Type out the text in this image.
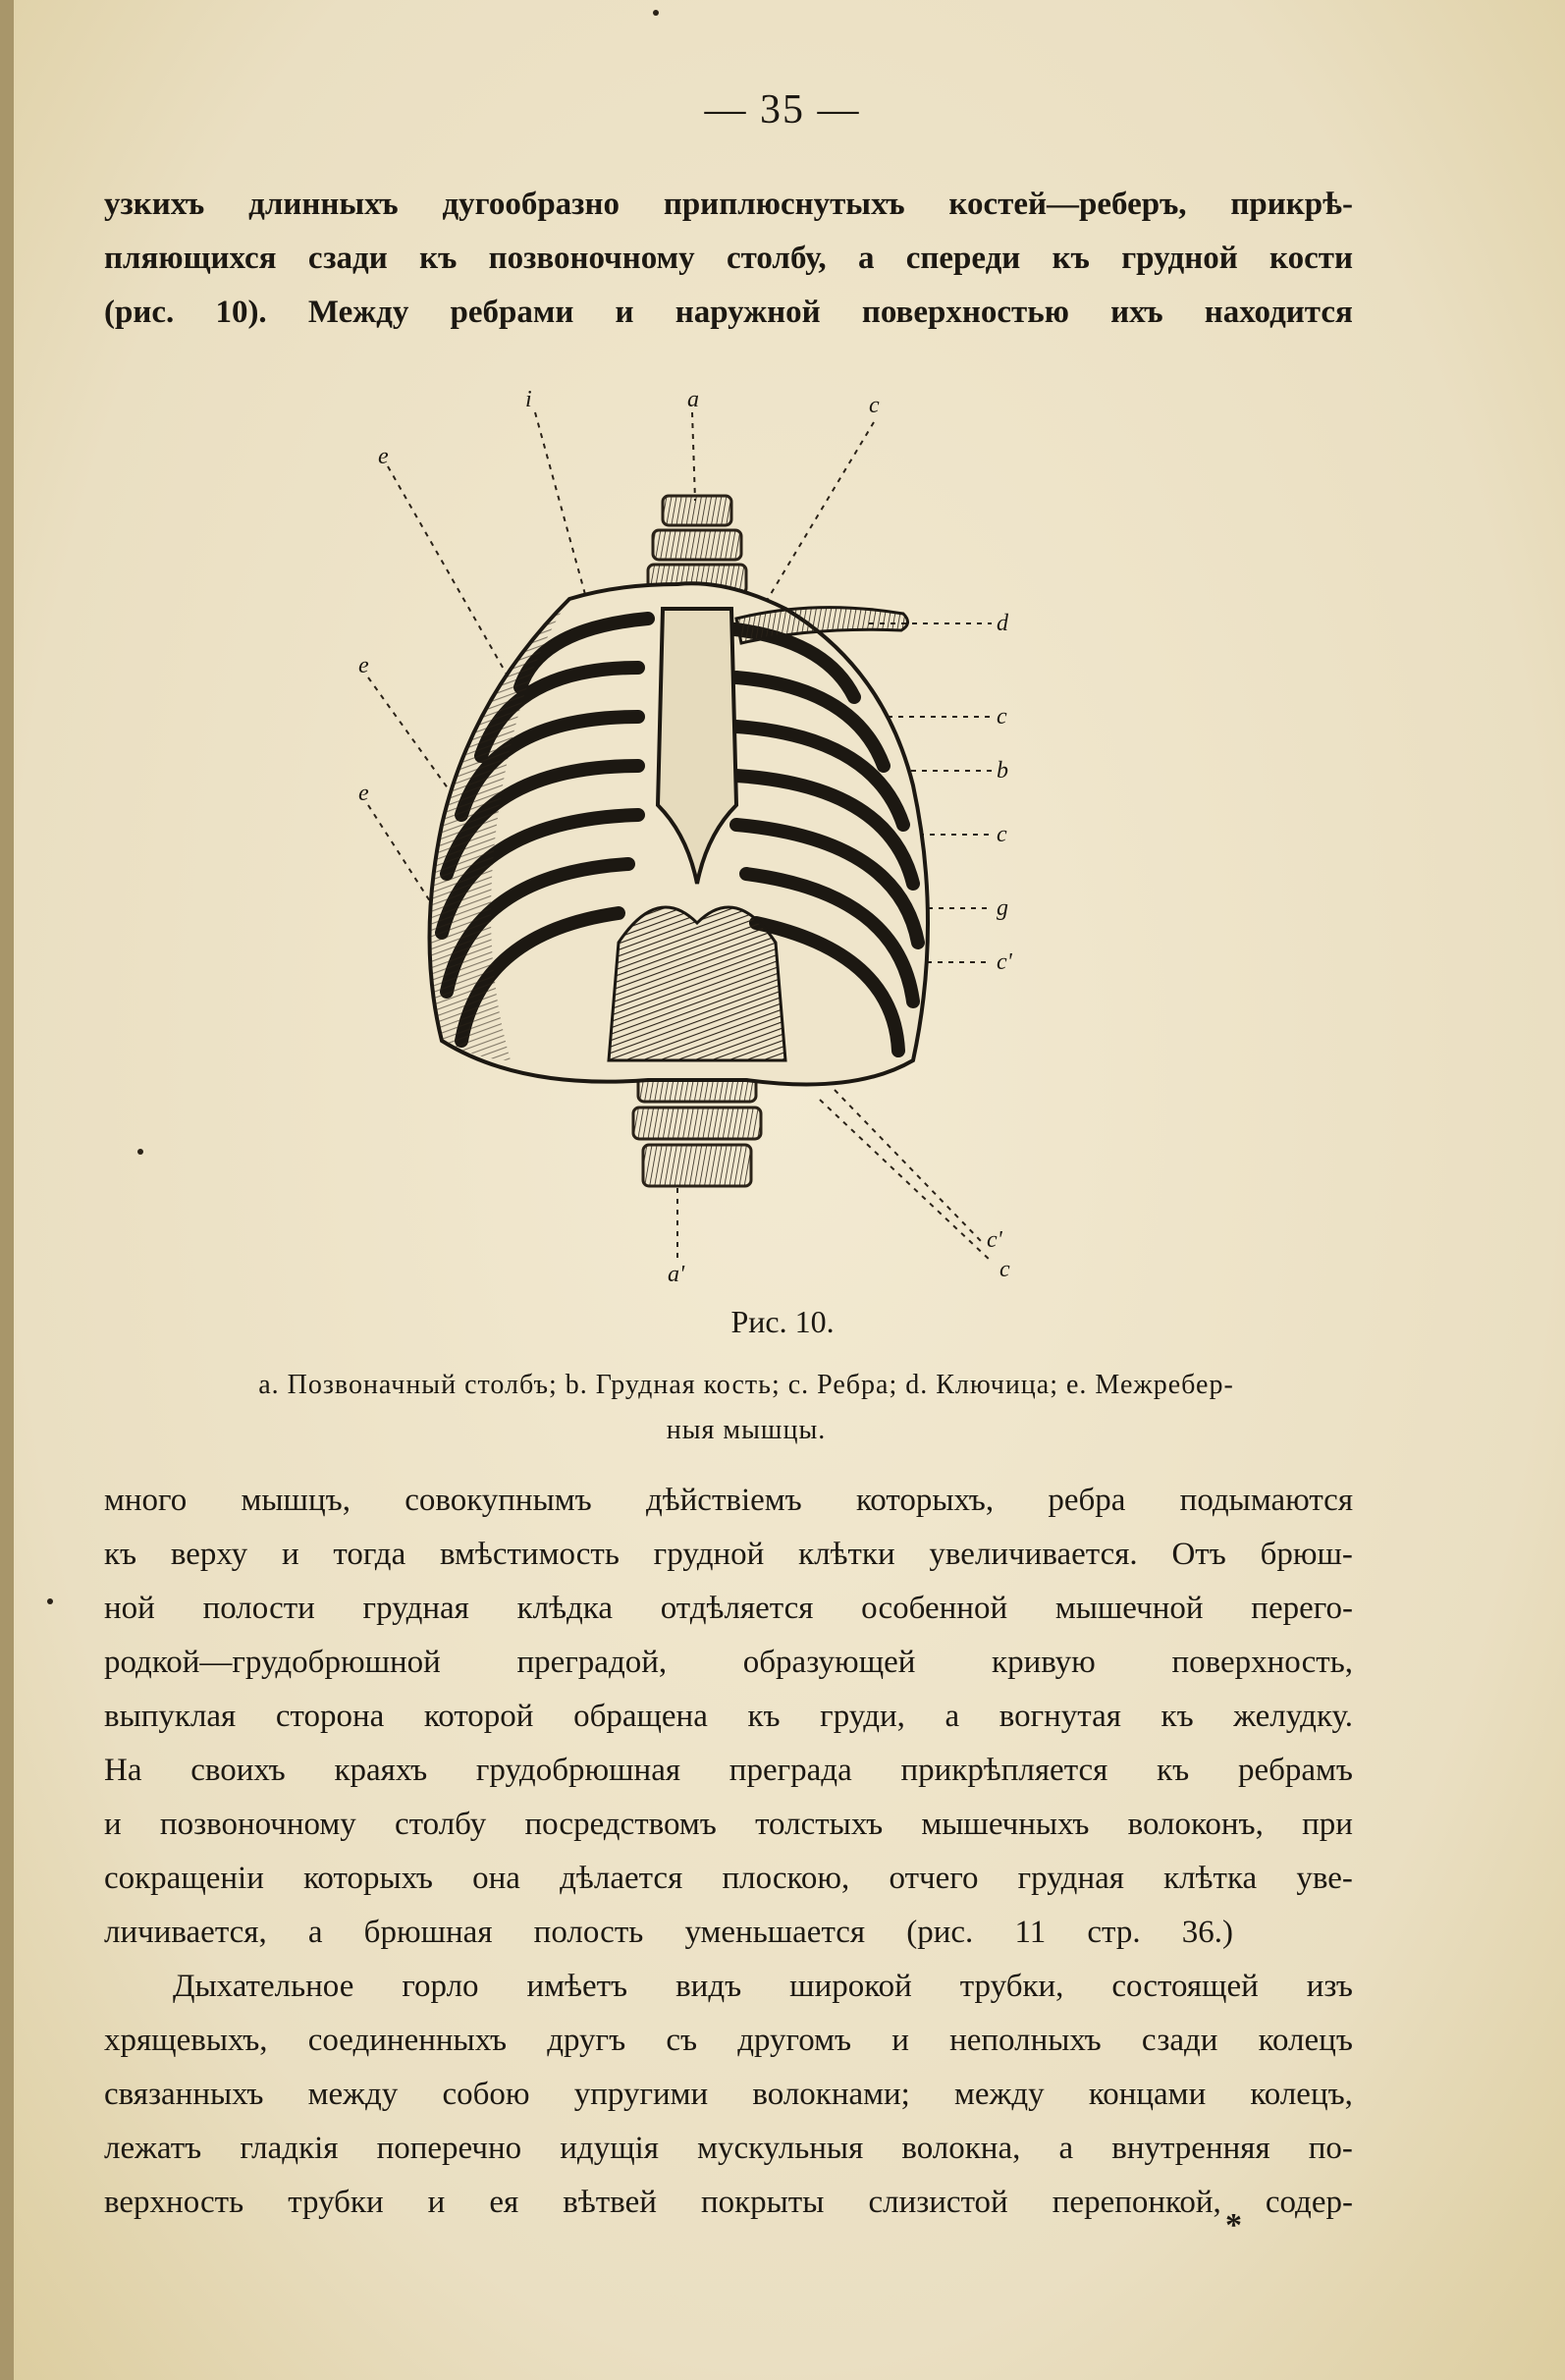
— 35 —
узкихъ длинныхъ дугообразно приплюснутыхъ костей—реберъ, прикрѣ-
пляющихся сзади къ позвоночному столбу, а спереди къ грудной кости
(рис. 10). Между ребрами и наружной поверхностью ихъ находится
i	a	c
e
e
e
d
c
b
c
g
c'
a'
c'
c
Рис. 10.
a. Позвоначный столбъ; b. Грудная кость; c. Ребра; d. Ключица; e. Межребер-
ныя мышцы.
много мышцъ, совокупнымъ дѣйствіемъ которыхъ, ребра подымаются
къ верху и тогда вмѣстимость грудной клѣтки увеличивается. Отъ брюш-
ной полости грудная клѣдка отдѣляется особенной мышечной перего-
родкой—грудобрюшной преградой, образующей кривую поверхность,
выпуклая сторона которой обращена къ груди, а вогнутая къ желудку.
На своихъ краяхъ грудобрюшная преграда прикрѣпляется къ ребрамъ
и позвоночному столбу посредствомъ толстыхъ мышечныхъ волоконъ, при
сокращеніи которыхъ она дѣлается плоскою, отчего грудная клѣтка уве-
личивается, а брюшная полость уменьшается (рис. 11 стр. 36.)
Дыхательное горло имѣетъ видъ широкой трубки, состоящей изъ
хрящевыхъ, соединенныхъ другъ съ другомъ и неполныхъ сзади колецъ
связанныхъ между собою упругими волокнами; между концами колецъ,
лежатъ гладкія поперечно идущія мускульныя волокна, а внутренняя по-
верхность трубки и ея вѣтвей покрыты слизистой перепонкой, содер-
*
